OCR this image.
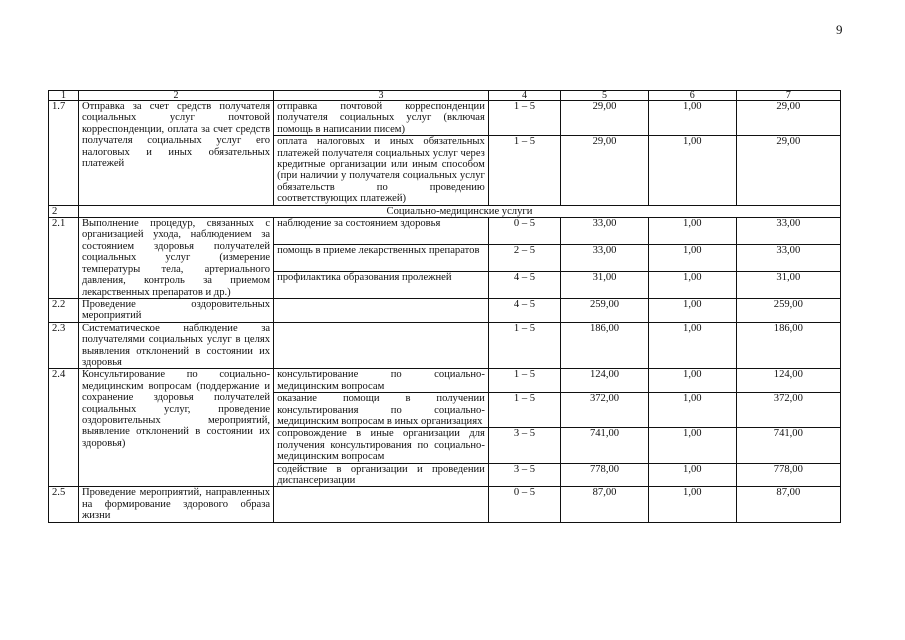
9
1	2	3	4	5	6	7
1.7	Отправка за счет средств получателя социальных услуг почтовой корреспонденции, оплата за счет средств получателя социальных услуг его налоговых и иных обязательных платежей	отправка почтовой корреспонденции получателя социальных услуг (включая помощь в написании писем)	1 – 5	29,00	1,00	29,00
		оплата налоговых и иных обязательных платежей получателя социальных услуг через кредитные организации или иным способом (при наличии у получателя социальных услуг обязательств по проведению соответствующих платежей)	1 – 5	29,00	1,00	29,00
2	Социально-медицинские услуги					
2.1	Выполнение процедур, связанных с организацией ухода, наблюдением за состоянием здоровья получателей социальных услуг (измерение температуры тела, артериального давления, контроль за приемом лекарственных препаратов и др.)	наблюдение за состоянием здоровья	0 – 5	33,00	1,00	33,00
		помощь в приеме лекарственных препаратов	2 – 5	33,00	1,00	33,00
		профилактика образования пролежней	4 – 5	31,00	1,00	31,00
2.2	Проведение оздоровительных мероприятий		4 – 5	259,00	1,00	259,00
2.3	Систематическое наблюдение за получателями социальных услуг в целях выявления отклонений в состоянии их здоровья		1 – 5	186,00	1,00	186,00
2.4	Консультирование по социально-медицинским вопросам (поддержание и сохранение здоровья получателей социальных услуг, проведение оздоровительных мероприятий, выявление отклонений в состоянии их здоровья)	консультирование по социально-медицинским вопросам	1 – 5	124,00	1,00	124,00
		оказание помощи в получении консультирования по социально-медицинским вопросам в иных организациях	1 – 5	372,00	1,00	372,00
		сопровождение в иные организации для получения консультирования по социально-медицинским вопросам	3 – 5	741,00	1,00	741,00
		содействие в организации и проведении диспансеризации	3 – 5	778,00	1,00	778,00
2.5	Проведение мероприятий, направленных на формирование здорового образа жизни		0 – 5	87,00	1,00	87,00
